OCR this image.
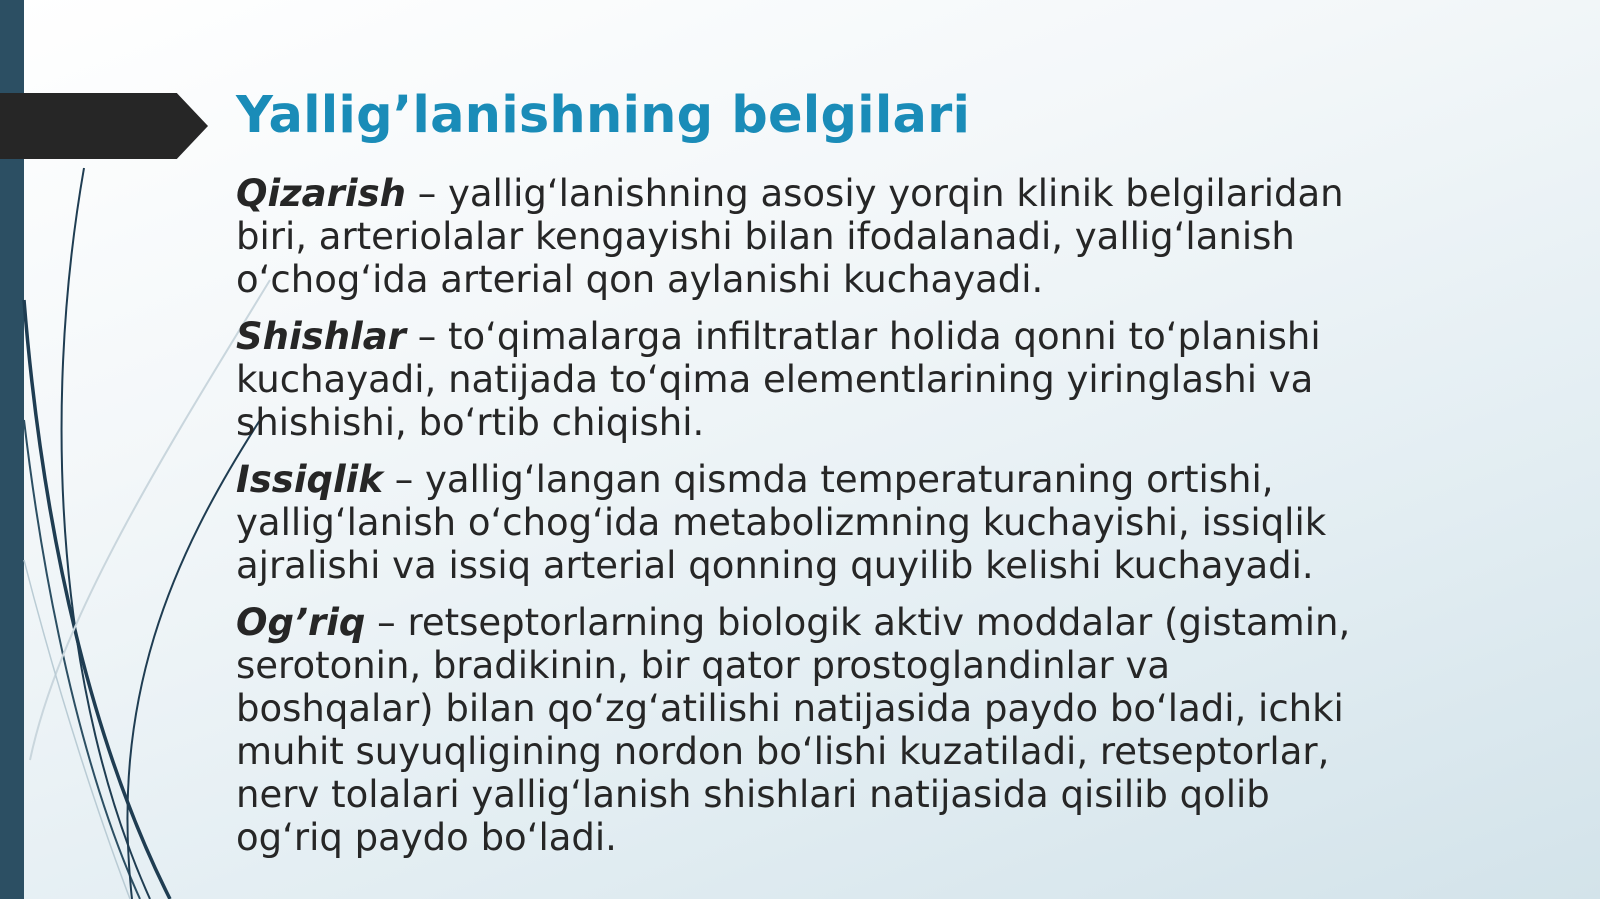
Yallig’lanishning belgilari

Qizarish – yallig‘lanishning asosiy yorqin klinik belgilaridan biri, arteriolalar kengayishi bilan ifodalanadi, yallig‘lanish o‘chog‘ida arterial qon aylanishi kuchayadi.

Shishlar – to‘qimalarga infiltratlar holida qonni to‘planishi kuchayadi, natijada to‘qima elementlarining yiringlashi va shishishi, bo‘rtib chiqishi.

Issiqlik – yallig‘langan qismda temperaturaning ortishi, yallig‘lanish o‘chog‘ida metabolizmning kuchayishi, issiqlik ajralishi va issiq arterial qonning quyilib kelishi kuchayadi.

Og’riq – retseptorlarning biologik aktiv moddalar (gistamin, serotonin, bradikinin, bir qator prostoglandinlar va boshqalar) bilan qo‘zg‘atilishi natijasida paydo bo‘ladi, ichki muhit suyuqligining nordon bo‘lishi kuzatiladi, retseptorlar, nerv tolalari yallig‘lanish shishlari natijasida qisilib qolib og‘riq paydo bo‘ladi.
